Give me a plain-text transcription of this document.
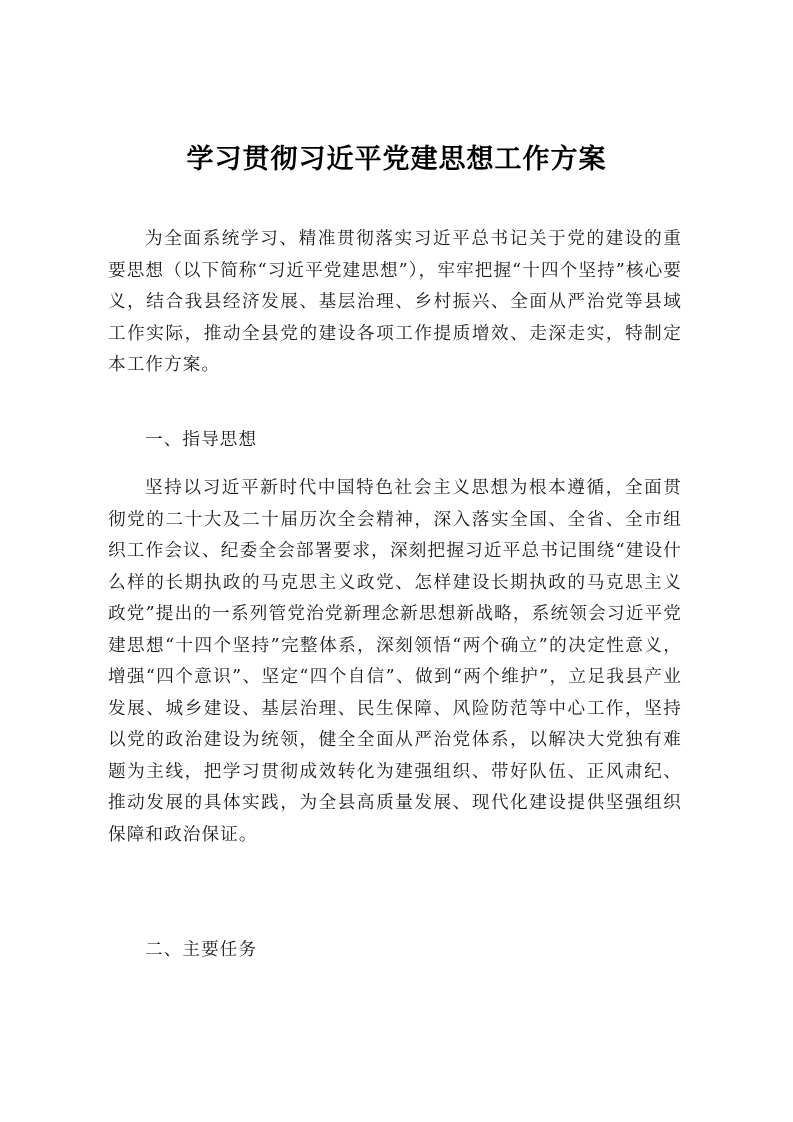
学习贯彻习近平党建思想工作方案

为全面系统学习、精准贯彻落实习近平总书记关于党的建设的重要思想（以下简称“习近平党建思想”），牢牢把握“十四个坚持”核心要义，结合我县经济发展、基层治理、乡村振兴、全面从严治党等县域工作实际，推动全县党的建设各项工作提质增效、走深走实，特制定本工作方案。

一、指导思想

坚持以习近平新时代中国特色社会主义思想为根本遵循，全面贯彻党的二十大及二十届历次全会精神，深入落实全国、全省、全市组织工作会议、纪委全会部署要求，深刻把握习近平总书记围绕“建设什么样的长期执政的马克思主义政党、怎样建设长期执政的马克思主义政党”提出的一系列管党治党新理念新思想新战略，系统领会习近平党建思想“十四个坚持”完整体系，深刻领悟“两个确立”的决定性意义，增强“四个意识”、坚定“四个自信”、做到“两个维护”，立足我县产业发展、城乡建设、基层治理、民生保障、风险防范等中心工作，坚持以党的政治建设为统领，健全全面从严治党体系，以解决大党独有难题为主线，把学习贯彻成效转化为建强组织、带好队伍、正风肃纪、推动发展的具体实践，为全县高质量发展、现代化建设提供坚强组织保障和政治保证。

二、主要任务
